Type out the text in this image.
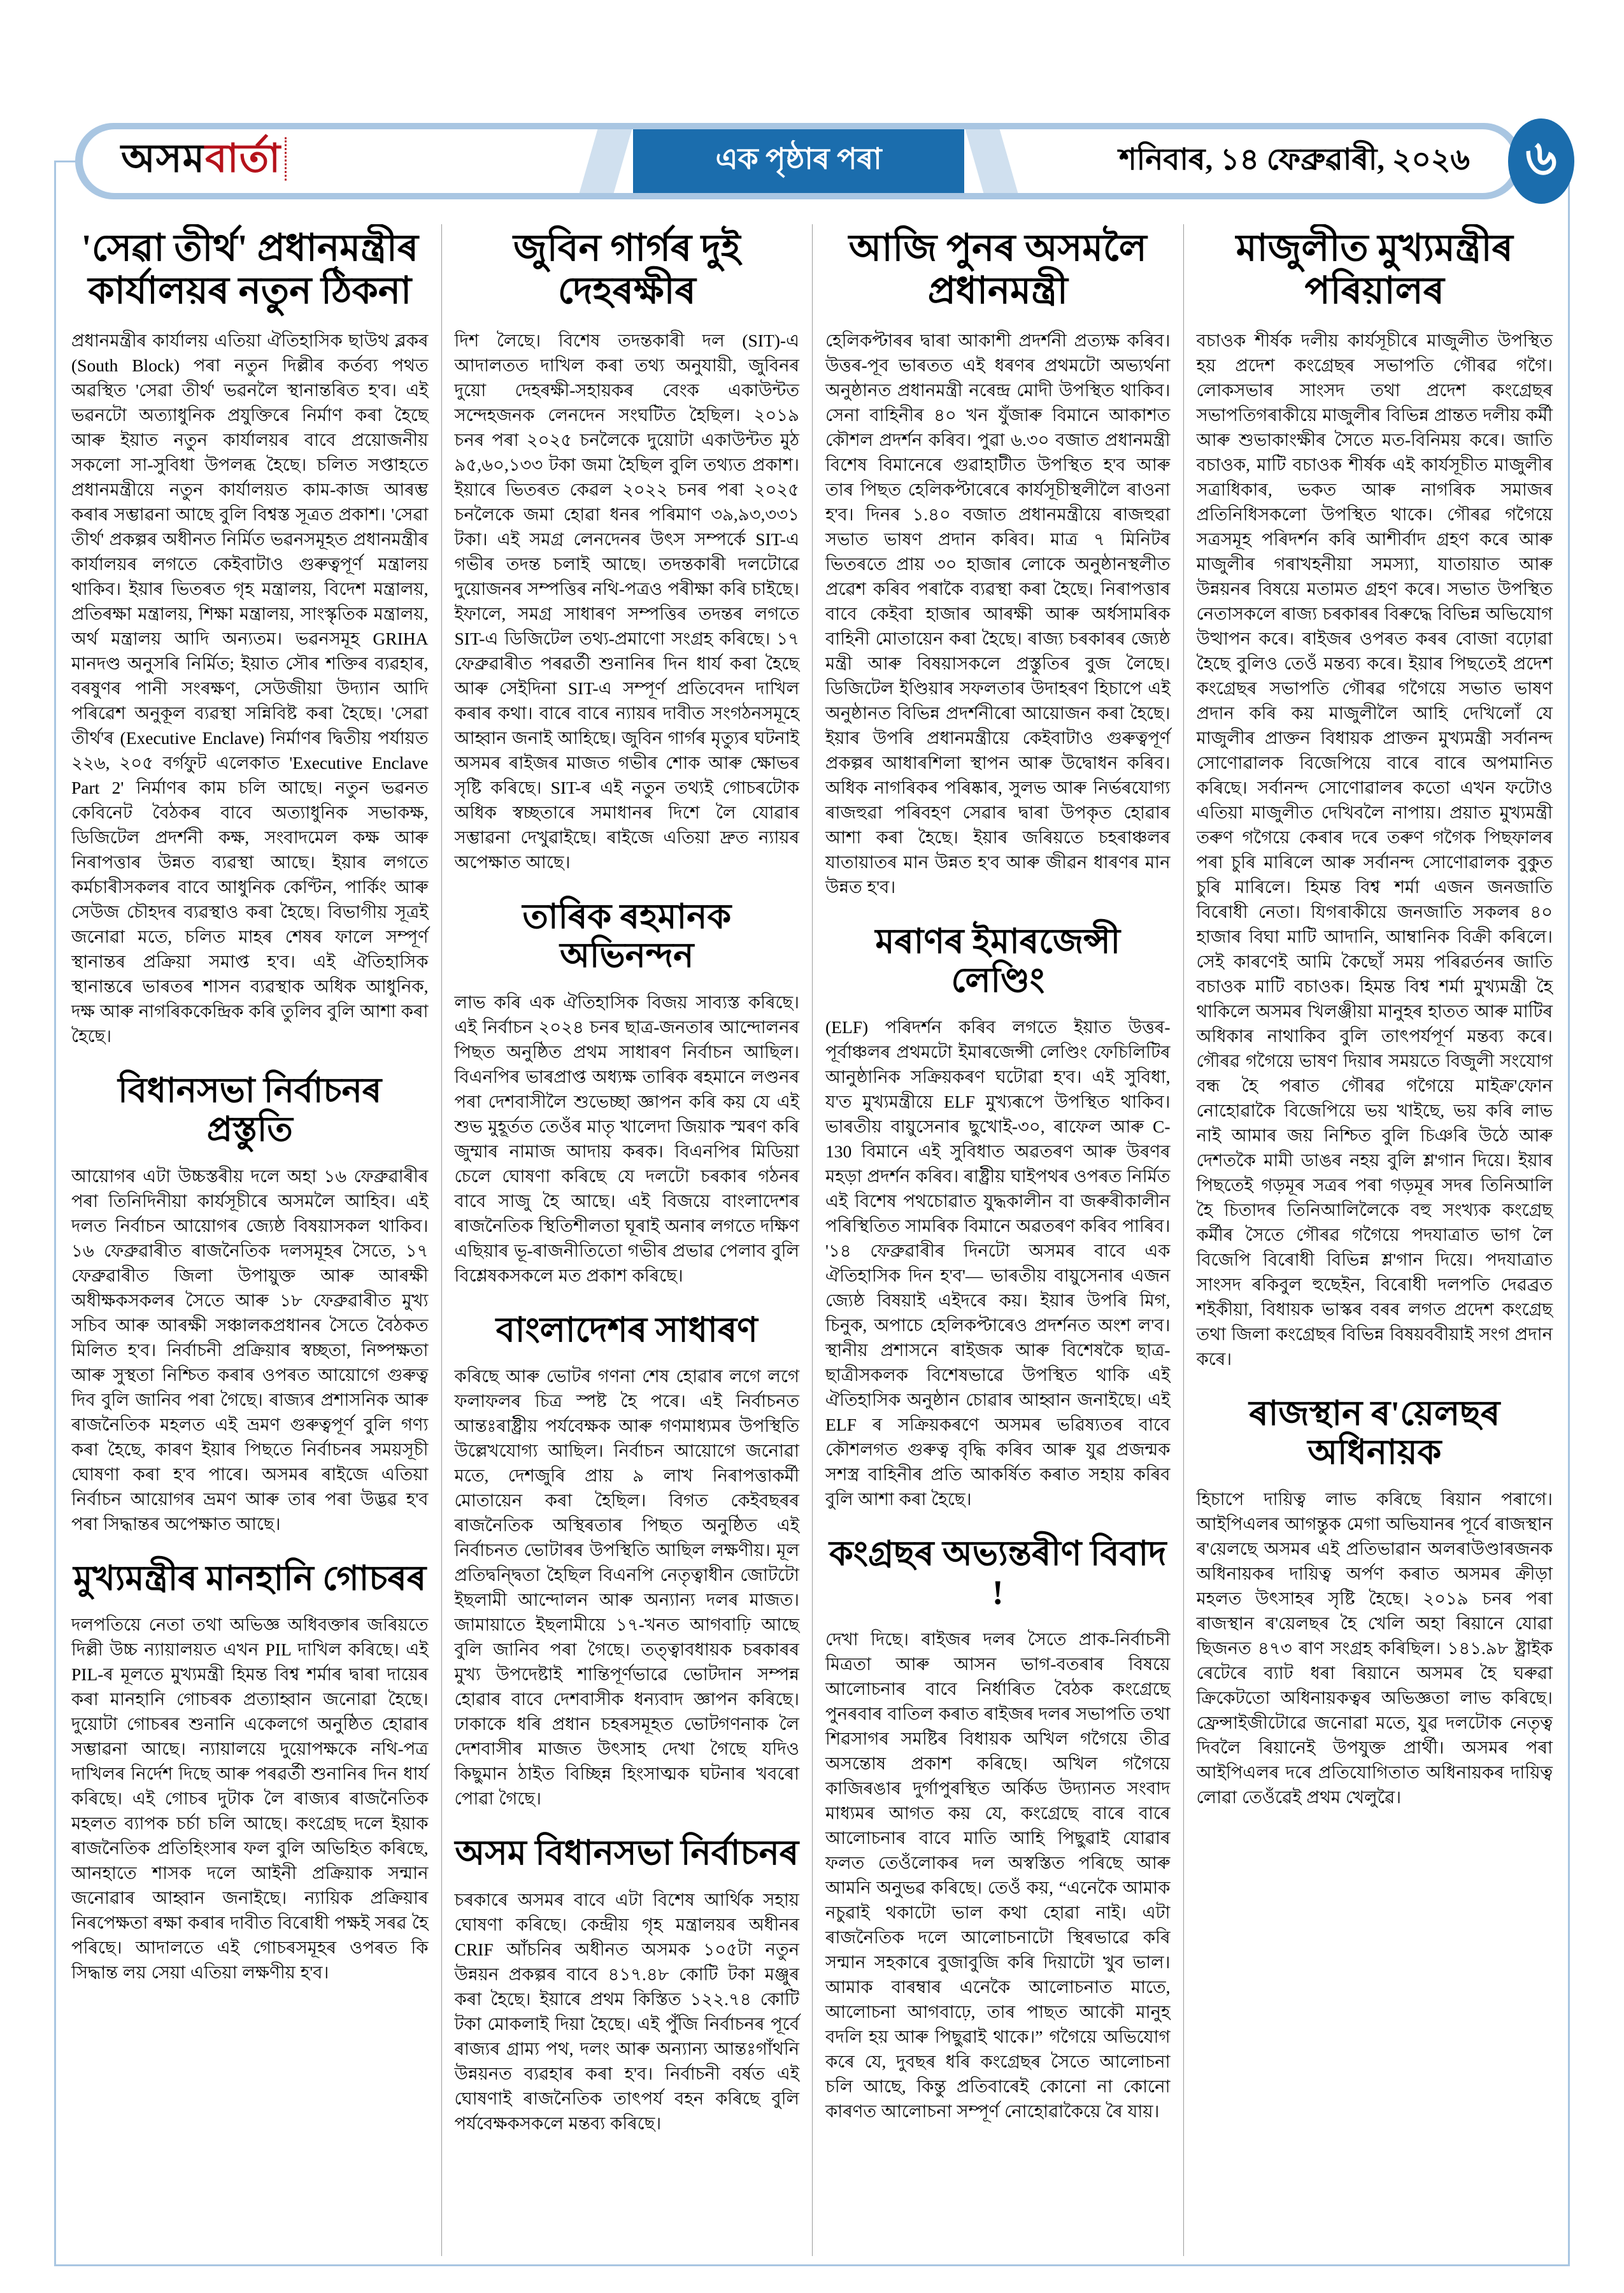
অসমবাৰ্তা	এক পৃষ্ঠাৰ পৰা	শনিবাৰ, ১৪ ফেব্ৰুৱাৰী, ২০২৬ ৬
'সেৱা তীৰ্থ' প্ৰধানমন্ত্ৰীৰ কাৰ্যালয়ৰ নতুন ঠিকনা

প্ৰধানমন্ত্ৰীৰ কাৰ্যালয় এতিয়া ঐতিহাসিক ছাউথ ব্লকৰ (South Block) পৰা নতুন দিল্লীৰ কৰ্তব্য পথত অৱস্থিত 'সেৱা তীৰ্থ' ভৱনলৈ স্থানান্তৰিত হ'ব। এই ভৱনটো অত্যাধুনিক প্ৰযুক্তিৰে নিৰ্মাণ কৰা হৈছে আৰু ইয়াত নতুন কাৰ্যালয়ৰ বাবে প্ৰয়োজনীয় সকলো সা-সুবিধা উপলব্ধ হৈছে। চলিত সপ্তাহতে প্ৰধানমন্ত্ৰীয়ে নতুন কাৰ্যালয়ত কাম-কাজ আৰম্ভ কৰাৰ সম্ভাৱনা আছে বুলি বিশ্বস্ত সূত্ৰত প্ৰকাশ। 'সেৱা তীৰ্থ' প্ৰকল্পৰ অধীনত নিৰ্মিত ভৱনসমূহত প্ৰধানমন্ত্ৰীৰ কাৰ্যালয়ৰ লগতে কেইবাটাও গুৰুত্বপূৰ্ণ মন্ত্ৰালয় থাকিব। ইয়াৰ ভিতৰত গৃহ মন্ত্ৰালয়, বিদেশ মন্ত্ৰালয়, প্ৰতিৰক্ষা মন্ত্ৰালয়, শিক্ষা মন্ত্ৰালয়, সাংস্কৃতিক মন্ত্ৰালয়, অৰ্থ মন্ত্ৰালয় আদি অন্যতম। ভৱনসমূহ GRIHA মানদণ্ড অনুসৰি নিৰ্মিত; ইয়াত সৌৰ শক্তিৰ ব্যৱহাৰ, বৰষুণৰ পানী সংৰক্ষণ, সেউজীয়া উদ্যান আদি পৰিৱেশ অনুকূল ব্যৱস্থা সন্নিবিষ্ট কৰা হৈছে। 'সেৱা তীৰ্থ'ৰ (Executive Enclave) নিৰ্মাণৰ দ্বিতীয় পৰ্যায়ত ২২৬, ২০৫ বৰ্গফুট এলেকাত 'Executive Enclave Part 2' নিৰ্মাণৰ কাম চলি আছে। নতুন ভৱনত কেবিনেট বৈঠকৰ বাবে অত্যাধুনিক সভাকক্ষ, ডিজিটেল প্ৰদৰ্শনী কক্ষ, সংবাদমেল কক্ষ আৰু নিৰাপত্তাৰ উন্নত ব্যৱস্থা আছে। ইয়াৰ লগতে কৰ্মচাৰীসকলৰ বাবে আধুনিক কেণ্টিন, পাৰ্কিং আৰু সেউজ চৌহদৰ ব্যৱস্থাও কৰা হৈছে। বিভাগীয় সূত্ৰই জনোৱা মতে, চলিত মাহৰ শেষৰ ফালে সম্পূৰ্ণ স্থানান্তৰ প্ৰক্ৰিয়া সমাপ্ত হ'ব। এই ঐতিহাসিক স্থানান্তৰে ভাৰতৰ শাসন ব্যৱস্থাক অধিক আধুনিক, দক্ষ আৰু নাগৰিককেন্দ্ৰিক কৰি তুলিব বুলি আশা কৰা হৈছে।

বিধানসভা নিৰ্বাচনৰ প্ৰস্তুতি

আয়োগৰ এটা উচ্চস্তৰীয় দলে অহা ১৬ ফেব্ৰুৱাৰীৰ পৰা তিনিদিনীয়া কাৰ্যসূচীৰে অসমলৈ আহিব। এই দলত নিৰ্বাচন আয়োগৰ জ্যেষ্ঠ বিষয়াসকল থাকিব। ১৬ ফেব্ৰুৱাৰীত ৰাজনৈতিক দলসমূহৰ সৈতে, ১৭ ফেব্ৰুৱাৰীত জিলা উপায়ুক্ত আৰু আৰক্ষী অধীক্ষকসকলৰ সৈতে আৰু ১৮ ফেব্ৰুৱাৰীত মুখ্য সচিব আৰু আৰক্ষী সঞ্চালকপ্ৰধানৰ সৈতে বৈঠকত মিলিত হ'ব। নিৰ্বাচনী প্ৰক্ৰিয়াৰ স্বচ্ছতা, নিষ্পক্ষতা আৰু সুস্থতা নিশ্চিত কৰাৰ ওপৰত আয়োগে গুৰুত্ব দিব বুলি জানিব পৰা গৈছে। ৰাজ্যৰ প্ৰশাসনিক আৰু ৰাজনৈতিক মহলত এই ভ্ৰমণ গুৰুত্বপূৰ্ণ বুলি গণ্য কৰা হৈছে, কাৰণ ইয়াৰ পিছতে নিৰ্বাচনৰ সময়সূচী ঘোষণা কৰা হ'ব পাৰে। অসমৰ ৰাইজে এতিয়া নিৰ্বাচন আয়োগৰ ভ্ৰমণ আৰু তাৰ পৰা উদ্ভৱ হ'ব পৰা সিদ্ধান্তৰ অপেক্ষাত আছে।

মুখ্যমন্ত্ৰীৰ মানহানি গোচৰৰ

দলপতিয়ে নেতা তথা অভিজ্ঞ অধিবক্তাৰ জৰিয়তে দিল্লী উচ্চ ন্যায়ালয়ত এখন PIL দাখিল কৰিছে। এই PIL-ৰ মূলতে মুখ্যমন্ত্ৰী হিমন্ত বিশ্ব শৰ্মাৰ দ্বাৰা দায়েৰ কৰা মানহানি গোচৰক প্ৰত্যাহ্বান জনোৱা হৈছে। দুয়োটা গোচৰৰ শুনানি একেলগে অনুষ্ঠিত হোৱাৰ সম্ভাৱনা আছে। ন্যায়ালয়ে দুয়োপক্ষকে নথি-পত্ৰ দাখিলৰ নিৰ্দেশ দিছে আৰু পৰৱৰ্তী শুনানিৰ দিন ধাৰ্য কৰিছে। এই গোচৰ দুটাক লৈ ৰাজ্যৰ ৰাজনৈতিক মহলত ব্যাপক চৰ্চা চলি আছে। কংগ্ৰেছ দলে ইয়াক ৰাজনৈতিক প্ৰতিহিংসাৰ ফল বুলি অভিহিত কৰিছে, আনহাতে শাসক দলে আইনী প্ৰক্ৰিয়াক সন্মান জনোৱাৰ আহ্বান জনাইছে। ন্যায়িক প্ৰক্ৰিয়াৰ নিৰপেক্ষতা ৰক্ষা কৰাৰ দাবীত বিৰোধী পক্ষই সৰৱ হৈ পৰিছে। আদালতে এই গোচৰসমূহৰ ওপৰত কি সিদ্ধান্ত লয় সেয়া এতিয়া লক্ষণীয় হ'ব।

জুবিন গাৰ্গৰ দুই দেহৰক্ষীৰ

দিশ লৈছে। বিশেষ তদন্তকাৰী দল (SIT)-এ আদালতত দাখিল কৰা তথ্য অনুযায়ী, জুবিনৰ দুয়ো দেহৰক্ষী-সহায়কৰ বেংক একাউন্টত সন্দেহজনক লেনদেন সংঘটিত হৈছিল। ২০১৯ চনৰ পৰা ২০২৫ চনলৈকে দুয়োটা একাউন্টত মুঠ ৯৫,৬০,১৩৩ টকা জমা হৈছিল বুলি তথ্যত প্ৰকাশ। ইয়াৰে ভিতৰত কেৱল ২০২২ চনৰ পৰা ২০২৫ চনলৈকে জমা হোৱা ধনৰ পৰিমাণ ৩৯,৯৩,৩৩১ টকা। এই সমগ্ৰ লেনদেনৰ উৎস সম্পৰ্কে SIT-এ গভীৰ তদন্ত চলাই আছে। তদন্তকাৰী দলটোৱে দুয়োজনৰ সম্পত্তিৰ নথি-পত্ৰও পৰীক্ষা কৰি চাইছে। ইফালে, সমগ্ৰ সাধাৰণ সম্পত্তিৰ তদন্তৰ লগতে SIT-এ ডিজিটেল তথ্য-প্ৰমাণো সংগ্ৰহ কৰিছে। ১৭ ফেব্ৰুৱাৰীত পৰৱৰ্তী শুনানিৰ দিন ধাৰ্য কৰা হৈছে আৰু সেইদিনা SIT-এ সম্পূৰ্ণ প্ৰতিবেদন দাখিল কৰাৰ কথা। বাৰে বাৰে ন্যায়ৰ দাবীত সংগঠনসমূহে আহ্বান জনাই আহিছে। জুবিন গাৰ্গৰ মৃত্যুৰ ঘটনাই অসমৰ ৰাইজৰ মাজত গভীৰ শোক আৰু ক্ষোভৰ সৃষ্টি কৰিছে। SIT-ৰ এই নতুন তথ্যই গোচৰটোক অধিক স্বচ্ছতাৰে সমাধানৰ দিশে লৈ যোৱাৰ সম্ভাৱনা দেখুৱাইছে। ৰাইজে এতিয়া দ্ৰুত ন্যায়ৰ অপেক্ষাত আছে।

তাৰিক ৰহমানক অভিনন্দন

লাভ কৰি এক ঐতিহাসিক বিজয় সাব্যস্ত কৰিছে। এই নিৰ্বাচন ২০২৪ চনৰ ছাত্ৰ-জনতাৰ আন্দোলনৰ পিছত অনুষ্ঠিত প্ৰথম সাধাৰণ নিৰ্বাচন আছিল। বিএনপিৰ ভাৰপ্ৰাপ্ত অধ্যক্ষ তাৰিক ৰহমানে লণ্ডনৰ পৰা দেশবাসীলৈ শুভেচ্ছা জ্ঞাপন কৰি কয় যে এই শুভ মুহূৰ্তত তেওঁৰ মাতৃ খালেদা জিয়াক স্মৰণ কৰি জুম্মাৰ নামাজ আদায় কৰক। বিএনপিৰ মিডিয়া চেলে ঘোষণা কৰিছে যে দলটো চৰকাৰ গঠনৰ বাবে সাজু হৈ আছে। এই বিজয়ে বাংলাদেশৰ ৰাজনৈতিক স্থিতিশীলতা ঘূৰাই অনাৰ লগতে দক্ষিণ এছিয়াৰ ভূ-ৰাজনীতিতো গভীৰ প্ৰভাৱ পেলাব বুলি বিশ্লেষকসকলে মত প্ৰকাশ কৰিছে।

বাংলাদেশৰ সাধাৰণ

কৰিছে আৰু ভোটৰ গণনা শেষ হোৱাৰ লগে লগে ফলাফলৰ চিত্ৰ স্পষ্ট হৈ পৰে। এই নিৰ্বাচনত আন্তঃৰাষ্ট্ৰীয় পৰ্যবেক্ষক আৰু গণমাধ্যমৰ উপস্থিতি উল্লেখযোগ্য আছিল। নিৰ্বাচন আয়োগে জনোৱা মতে, দেশজুৰি প্ৰায় ৯ লাখ নিৰাপত্তাকৰ্মী মোতায়েন কৰা হৈছিল। বিগত কেইবছৰৰ ৰাজনৈতিক অস্থিৰতাৰ পিছত অনুষ্ঠিত এই নিৰ্বাচনত ভোটাৰৰ উপস্থিতি আছিল লক্ষণীয়। মূল প্ৰতিদ্বন্দ্বিতা হৈছিল বিএনপি নেতৃত্বাধীন জোটটো ইছলামী আন্দোলন আৰু অন্যান্য দলৰ মাজত। জামায়াতে ইছলামীয়ে ১৭-খনত আগবাঢ়ি আছে বুলি জানিব পৰা গৈছে। তত্ত্বাবধায়ক চৰকাৰৰ মুখ্য উপদেষ্টাই শান্তিপূৰ্ণভাৱে ভোটদান সম্পন্ন হোৱাৰ বাবে দেশবাসীক ধন্যবাদ জ্ঞাপন কৰিছে। ঢাকাকে ধৰি প্ৰধান চহৰসমূহত ভোটগণনাক লৈ দেশবাসীৰ মাজত উৎসাহ দেখা গৈছে যদিও কিছুমান ঠাইত বিচ্ছিন্ন হিংসাত্মক ঘটনাৰ খবৰো পোৱা গৈছে।

অসম বিধানসভা নিৰ্বাচনৰ

চৰকাৰে অসমৰ বাবে এটা বিশেষ আৰ্থিক সহায় ঘোষণা কৰিছে। কেন্দ্ৰীয় গৃহ মন্ত্ৰালয়ৰ অধীনৰ CRIF আঁচনিৰ অধীনত অসমক ১০৫টা নতুন উন্নয়ন প্ৰকল্পৰ বাবে ৪১৭.৪৮ কোটি টকা মঞ্জুৰ কৰা হৈছে। ইয়াৰে প্ৰথম কিস্তিত ১২২.৭৪ কোটি টকা মোকলাই দিয়া হৈছে। এই পুঁজি নিৰ্বাচনৰ পূৰ্বে ৰাজ্যৰ গ্ৰাম্য পথ, দলং আৰু অন্যান্য আন্তঃগাঁথনি উন্নয়নত ব্যৱহাৰ কৰা হ'ব। নিৰ্বাচনী বৰ্ষত এই ঘোষণাই ৰাজনৈতিক তাৎপৰ্য বহন কৰিছে বুলি পৰ্যবেক্ষকসকলে মন্তব্য কৰিছে।

আজি পুনৰ অসমলৈ প্ৰধানমন্ত্ৰী

হেলিকপ্টাৰৰ দ্বাৰা আকাশী প্ৰদৰ্শনী প্ৰত্যক্ষ কৰিব। উত্তৰ-পূব ভাৰতত এই ধৰণৰ প্ৰথমটো অভ্যৰ্থনা অনুষ্ঠানত প্ৰধানমন্ত্ৰী নৰেন্দ্ৰ মোদী উপস্থিত থাকিব। সেনা বাহিনীৰ ৪০ খন যুঁজাৰু বিমানে আকাশত কৌশল প্ৰদৰ্শন কৰিব। পুৱা ৬.৩০ বজাত প্ৰধানমন্ত্ৰী বিশেষ বিমানেৰে গুৱাহাটীত উপস্থিত হ'ব আৰু তাৰ পিছত হেলিকপ্টাৰেৰে কাৰ্যসূচীস্থলীলৈ ৰাওনা হ'ব। দিনৰ ১.৪০ বজাত প্ৰধানমন্ত্ৰীয়ে ৰাজহুৱা সভাত ভাষণ প্ৰদান কৰিব। মাত্ৰ ৭ মিনিটৰ ভিতৰতে প্ৰায় ৩০ হাজাৰ লোকে অনুষ্ঠানস্থলীত প্ৰৱেশ কৰিব পৰাকৈ ব্যৱস্থা কৰা হৈছে। নিৰাপত্তাৰ বাবে কেইবা হাজাৰ আৰক্ষী আৰু অৰ্ধসামৰিক বাহিনী মোতায়েন কৰা হৈছে। ৰাজ্য চৰকাৰৰ জ্যেষ্ঠ মন্ত্ৰী আৰু বিষয়াসকলে প্ৰস্তুতিৰ বুজ লৈছে। ডিজিটেল ইণ্ডিয়াৰ সফলতাৰ উদাহৰণ হিচাপে এই অনুষ্ঠানত বিভিন্ন প্ৰদৰ্শনীৰো আয়োজন কৰা হৈছে। ইয়াৰ উপৰি প্ৰধানমন্ত্ৰীয়ে কেইবাটাও গুৰুত্বপূৰ্ণ প্ৰকল্পৰ আধাৰশিলা স্থাপন আৰু উদ্বোধন কৰিব। অধিক নাগৰিকৰ পৰিষ্কাৰ, সুলভ আৰু নিৰ্ভৰযোগ্য ৰাজহুৱা পৰিবহণ সেৱাৰ দ্বাৰা উপকৃত হোৱাৰ আশা কৰা হৈছে। ইয়াৰ জৰিয়তে চহৰাঞ্চলৰ যাতায়াতৰ মান উন্নত হ'ব আৰু জীৱন ধাৰণৰ মান উন্নত হ'ব।

মৰাণৰ ইমাৰজেন্সী লেণ্ডিং

(ELF) পৰিদৰ্শন কৰিব লগতে ইয়াত উত্তৰ-পূৰ্বাঞ্চলৰ প্ৰথমটো ইমাৰজেন্সী লেণ্ডিং ফেচিলিটিৰ আনুষ্ঠানিক সক্ৰিয়কৰণ ঘটোৱা হ'ব। এই সুবিধা, য'ত মুখ্যমন্ত্ৰীয়ে ELF মুখ্যৰূপে উপস্থিত থাকিব। ভাৰতীয় বায়ুসেনাৰ ছুখোই-৩০, ৰাফেল আৰু C-130 বিমানে এই সুবিধাত অৱতৰণ আৰু উৰণৰ মহড়া প্ৰদৰ্শন কৰিব। ৰাষ্ট্ৰীয় ঘাইপথৰ ওপৰত নিৰ্মিত এই বিশেষ পথচোৱাত যুদ্ধকালীন বা জৰুৰীকালীন পৰিস্থিতিত সামৰিক বিমানে অৱতৰণ কৰিব পাৰিব। '১৪ ফেব্ৰুৱাৰীৰ দিনটো অসমৰ বাবে এক ঐতিহাসিক দিন হ'ব'— ভাৰতীয় বায়ুসেনাৰ এজন জ্যেষ্ঠ বিষয়াই এইদৰে কয়। ইয়াৰ উপৰি মিগ, চিনুক, অপাচে হেলিকপ্টাৰেও প্ৰদৰ্শনত অংশ ল'ব। স্থানীয় প্ৰশাসনে ৰাইজক আৰু বিশেষকৈ ছাত্ৰ-ছাত্ৰীসকলক বিশেষভাৱে উপস্থিত থাকি এই ঐতিহাসিক অনুষ্ঠান চোৱাৰ আহ্বান জনাইছে। এই ELF ৰ সক্ৰিয়কৰণে অসমৰ ভৱিষ্যতৰ বাবে কৌশলগত গুৰুত্ব বৃদ্ধি কৰিব আৰু যুৱ প্ৰজন্মক সশস্ত্ৰ বাহিনীৰ প্ৰতি আকৰ্ষিত কৰাত সহায় কৰিব বুলি আশা কৰা হৈছে।

কংগ্ৰছৰ অভ্যন্তৰীণ বিবাদ !

দেখা দিছে। ৰাইজৰ দলৰ সৈতে প্ৰাক-নিৰ্বাচনী মিত্ৰতা আৰু আসন ভাগ-বতৰাৰ বিষয়ে আলোচনাৰ বাবে নিৰ্ধাৰিত বৈঠক কংগ্ৰেছে পুনৰবাৰ বাতিল কৰাত ৰাইজৰ দলৰ সভাপতি তথা শিৱসাগৰ সমষ্টিৰ বিধায়ক অখিল গগৈয়ে তীব্ৰ অসন্তোষ প্ৰকাশ কৰিছে। অখিল গগৈয়ে কাজিৰঙাৰ দুৰ্গাপুৰস্থিত অৰ্কিড উদ্যানত সংবাদ মাধ্যমৰ আগত কয় যে, কংগ্ৰেছে বাৰে বাৰে আলোচনাৰ বাবে মাতি আহি পিছুৱাই যোৱাৰ ফলত তেওঁলোকৰ দল অস্বস্তিত পৰিছে আৰু আমনি অনুভৱ কৰিছে। তেওঁ কয়, “এনেকৈ আমাক নচুৱাই থকাটো ভাল কথা হোৱা নাই। এটা ৰাজনৈতিক দলে আলোচনাটো স্থিৰভাৱে কৰি সন্মান সহকাৰে বুজাবুজি কৰি দিয়াটো খুব ভাল। আমাক বাৰম্বাৰ এনেকৈ আলোচনাত মাতে, আলোচনা আগবাঢ়ে, তাৰ পাছত আকৌ মানুহ বদলি হয় আৰু পিছুৱাই থাকে।” গগৈয়ে অভিযোগ কৰে যে, দুবছৰ ধৰি কংগ্ৰেছৰ সৈতে আলোচনা চলি আছে, কিন্তু প্ৰতিবাৰেই কোনো না কোনো কাৰণত আলোচনা সম্পূৰ্ণ নোহোৱাকৈয়ে ৰৈ যায়।

মাজুলীত মুখ্যমন্ত্ৰীৰ পৰিয়ালৰ

বচাওক শীৰ্ষক দলীয় কাৰ্যসূচীৰে মাজুলীত উপস্থিত হয় প্ৰদেশ কংগ্ৰেছৰ সভাপতি গৌৰৱ গগৈ। লোকসভাৰ সাংসদ তথা প্ৰদেশ কংগ্ৰেছৰ সভাপতিগৰাকীয়ে মাজুলীৰ বিভিন্ন প্ৰান্তত দলীয় কৰ্মী আৰু শুভাকাংক্ষীৰ সৈতে মত-বিনিময় কৰে। জাতি বচাওক, মাটি বচাওক শীৰ্ষক এই কাৰ্যসূচীত মাজুলীৰ সত্ৰাধিকাৰ, ভকত আৰু নাগৰিক সমাজৰ প্ৰতিনিধিসকলো উপস্থিত থাকে। গৌৰৱ গগৈয়ে সত্ৰসমূহ পৰিদৰ্শন কৰি আশীৰ্বাদ গ্ৰহণ কৰে আৰু মাজুলীৰ গৰাখহনীয়া সমস্যা, যাতায়াত আৰু উন্নয়নৰ বিষয়ে মতামত গ্ৰহণ কৰে। সভাত উপস্থিত নেতাসকলে ৰাজ্য চৰকাৰৰ বিৰুদ্ধে বিভিন্ন অভিযোগ উত্থাপন কৰে। ৰাইজৰ ওপৰত কৰৰ বোজা বঢ়োৱা হৈছে বুলিও তেওঁ মন্তব্য কৰে। ইয়াৰ পিছতেই প্ৰদেশ কংগ্ৰেছৰ সভাপতি গৌৰৱ গগৈয়ে সভাত ভাষণ প্ৰদান কৰি কয় মাজুলীলৈ আহি দেখিলোঁ যে মাজুলীৰ প্ৰাক্তন বিধায়ক প্ৰাক্তন মুখ্যমন্ত্ৰী সৰ্বানন্দ সোণোৱালক বিজেপিয়ে বাৰে বাৰে অপমানিত কৰিছে। সৰ্বানন্দ সোণোৱালৰ কতো এখন ফটোও এতিয়া মাজুলীত দেখিবলৈ নাপায়। প্ৰয়াত মুখ্যমন্ত্ৰী তৰুণ গগৈয়ে কেৰাৰ দৰে তৰুণ গগৈক পিছফালৰ পৰা চুৰি মাৰিলে আৰু সৰ্বানন্দ সোণোৱালক বুকুত চুৰি মাৰিলে। হিমন্ত বিশ্ব শৰ্মা এজন জনজাতি বিৰোধী নেতা। যিগৰাকীয়ে জনজাতি সকলৰ ৪০ হাজাৰ বিঘা মাটি আদানি, আম্বানিক বিক্ৰী কৰিলে। সেই কাৰণেই আমি কৈছোঁ সময় পৰিৱৰ্তনৰ জাতি বচাওক মাটি বচাওক। হিমন্ত বিশ্ব শৰ্মা মুখ্যমন্ত্ৰী হৈ থাকিলে অসমৰ খিলঞ্জীয়া মানুহৰ হাতত আৰু মাটিৰ অধিকাৰ নাথাকিব বুলি তাৎপৰ্যপূৰ্ণ মন্তব্য কৰে। গৌৰৱ গগৈয়ে ভাষণ দিয়াৰ সময়তে বিজুলী সংযোগ বন্ধ হৈ পৰাত গৌৰৱ গগৈয়ে মাইক্ৰ'ফোন নোহোৱাকৈ বিজেপিয়ে ভয় খাইছে, ভয় কৰি লাভ নাই আমাৰ জয় নিশ্চিত বুলি চিঞৰি উঠে আৰু দেশতকৈ মামী ডাঙৰ নহয় বুলি শ্ল'গান দিয়ে। ইয়াৰ পিছতেই গড়মূৰ সত্ৰৰ পৰা গড়মূৰ সদৰ তিনিআলি হৈ চিতাদৰ তিনিআলিলৈকে বহু সংখ্যক কংগ্ৰেছ কৰ্মীৰ সৈতে গৌৰৱ গগৈয়ে পদযাত্ৰাত ভাগ লৈ বিজেপি বিৰোধী বিভিন্ন শ্ল'গান দিয়ে। পদযাত্ৰাত সাংসদ ৰকিবুল হুছেইন, বিৰোধী দলপতি দেৱব্ৰত শইকীয়া, বিধায়ক ভাস্কৰ বৰৰ লগত প্ৰদেশ কংগ্ৰেছ তথা জিলা কংগ্ৰেছৰ বিভিন্ন বিষয়ববীয়াই সংগ প্ৰদান কৰে।

ৰাজস্থান ৰ'য়েলছৰ অধিনায়ক

হিচাপে দায়িত্ব লাভ কৰিছে ৰিয়ান পৰাগে। আইপিএলৰ আগন্তুক মেগা অভিযানৰ পূৰ্বে ৰাজস্থান ৰ'য়েলছে অসমৰ এই প্ৰতিভাৱান অলৰাউণ্ডাৰজনক অধিনায়কৰ দায়িত্ব অৰ্পণ কৰাত অসমৰ ক্ৰীড়া মহলত উৎসাহৰ সৃষ্টি হৈছে। ২০১৯ চনৰ পৰা ৰাজস্থান ৰ'য়েলছৰ হৈ খেলি অহা ৰিয়ানে যোৱা ছিজনত ৪৭৩ ৰাণ সংগ্ৰহ কৰিছিল। ১৪১.৯৮ ষ্ট্ৰাইক ৰেটেৰে ব্যাট ধৰা ৰিয়ানে অসমৰ হৈ ঘৰুৱা ক্ৰিকেটতো অধিনায়কত্বৰ অভিজ্ঞতা লাভ কৰিছে। ফ্ৰেন্সাইজীটোৱে জনোৱা মতে, যুৱ দলটোক নেতৃত্ব দিবলৈ ৰিয়ানেই উপযুক্ত প্ৰাৰ্থী। অসমৰ পৰা আইপিএলৰ দৰে প্ৰতিযোগিতাত অধিনায়কৰ দায়িত্ব লোৱা তেওঁৱেই প্ৰথম খেলুৱৈ।
